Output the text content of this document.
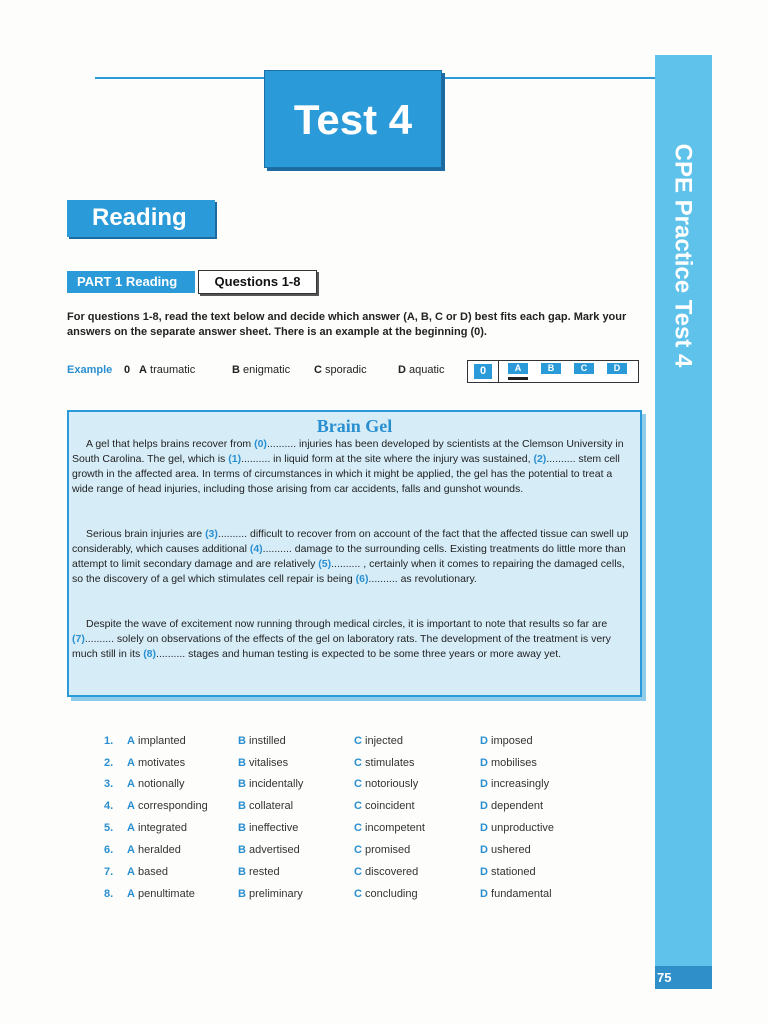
CPE Practice Test 4
75
Test 4
Reading
PART 1 Reading	Questions 1-8
For questions 1-8, read the text below and decide which answer (A, B, C or D) best fits each gap. Mark your answers on the separate answer sheet. There is an example at the beginning (0).
Example 0 A traumatic	B enigmatic C sporadic	D aquatic	0	A	B	C	D
Brain Gel
A gel that helps brains recover from (0).......... injuries has been developed by scientists at the Clemson University in South Carolina. The gel, which is (1).......... in liquid form at the site where the injury was sustained, (2).......... stem cell growth in the affected area. In terms of circumstances in which it might be applied, the gel has the potential to treat a wide range of head injuries, including those arising from car accidents, falls and gunshot wounds.
Serious brain injuries are (3).......... difficult to recover from on account of the fact that the affected tissue can swell up considerably, which causes additional (4).......... damage to the surrounding cells. Existing treatments do little more than attempt to limit secondary damage and are relatively (5).......... , certainly when it comes to repairing the damaged cells, so the discovery of a gel which stimulates cell repair is being (6).......... as revolutionary.
Despite the wave of excitement now running through medical circles, it is important to note that results so far are (7).......... solely on observations of the effects of the gel on laboratory rats. The development of the treatment is very much still in its (8).......... stages and human testing is expected to be some three years or more away yet.
1. A implanted	B instilled	C injected	D imposed
2. A motivates	B vitalises	C stimulates	D mobilises
3. A notionally	B incidentally	C notoriously	D increasingly
4. A corresponding	B collateral	C coincident	D dependent
5. A integrated	B ineffective	C incompetent	D unproductive
6. A heralded	B advertised	C promised	D ushered
7. A based	B rested	C discovered	D stationed
8. A penultimate	B preliminary	C concluding	D fundamental
